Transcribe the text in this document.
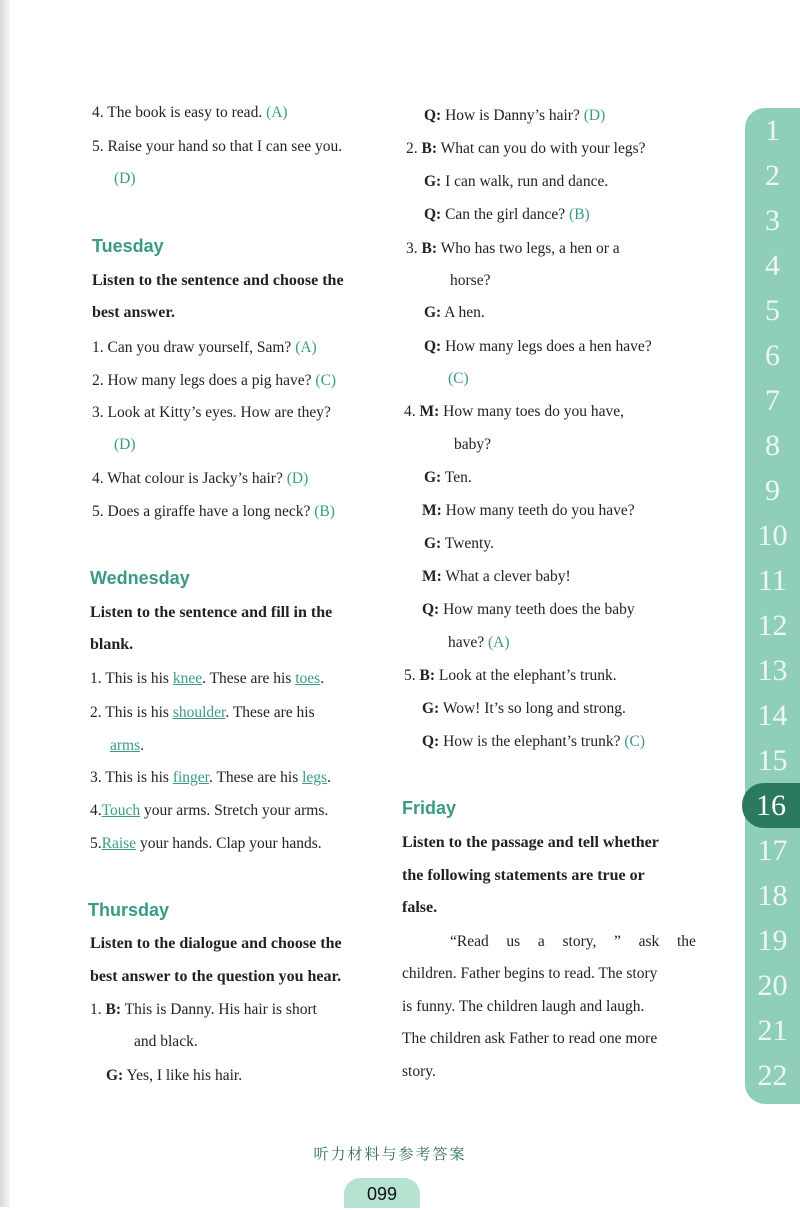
4. The book is easy to read. (A)
5. Raise your hand so that I can see you.
(D)
Tuesday
Listen to the sentence and choose the
best answer.
1. Can you draw yourself, Sam? (A)
2. How many legs does a pig have? (C)
3. Look at Kitty’s eyes. How are they?
(D)
4. What colour is Jacky’s hair? (D)
5. Does a giraffe have a long neck? (B)
Wednesday
Listen to the sentence and fill in the
blank.
1. This is his knee. These are his toes.
2. This is his shoulder. These are his
arms.
3. This is his finger. These are his legs.
4.Touch your arms. Stretch your arms.
5.Raise your hands. Clap your hands.
Thursday
Listen to the dialogue and choose the
best answer to the question you hear.
1. B: This is Danny. His hair is short
and black.
G: Yes, I like his hair.
Q: How is Danny’s hair? (D)
2. B: What can you do with your legs?
G: I can walk, run and dance.
Q: Can the girl dance? (B)
3. B: Who has two legs, a hen or a
horse?
G: A hen.
Q: How many legs does a hen have?
(C)
4. M: How many toes do you have,
baby?
G: Ten.
M: How many teeth do you have?
G: Twenty.
M: What a clever baby!
Q: How many teeth does the baby
have? (A)
5. B: Look at the elephant’s trunk.
G: Wow! It’s so long and strong.
Q: How is the elephant’s trunk? (C)
Friday
Listen to the passage and tell whether
the following statements are true or
false.
“Read us a story, ” ask the
children. Father begins to read. The story
is funny. The children laugh and laugh.
The children ask Father to read one more
story.
1
2
3
4
5
6
7
8
9
10
11
12
13
14
15
16
17
18
19
20
21
22
听力材料与参考答案
099
